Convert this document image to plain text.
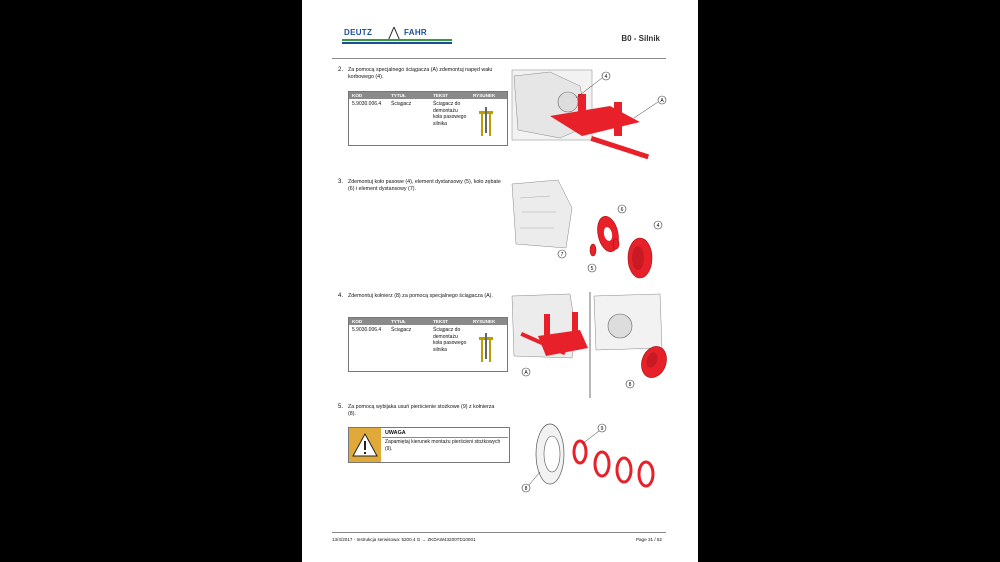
DEUTZ	FAHR
B0 - Silnik
2. Za pomocą specjalnego ściągacza (A) zdemontuj napęd wału korbowego (4).
KOD	TYTUŁ	TEKST	RYSUNEK
5.9030.006.4 Ściągacz	Ściągacz do demontażu koła pasowego silnika
4
A
3. Zdemontuj koło pasowe (4), element dystansowy (5), koło zębate (6) i element dystansowy (7).
6
4
7
5
4. Zdemontuj kołnierz (8) za pomocą specjalnego ściągacza (A).
KOD	TYTUŁ	TEKST	RYSUNEK
5.9030.006.4 Ściągacz	Ściągacz do demontażu koła pasowego silnika
A
8
5. Za pomocą wybijaka usuń pierścienie stożkowe (9) z kołnierza (8).
UWAGA
Zapamiętaj kierunek montażu pierścieni stożkowych (9).
9
8
13/4/2017 - Instrukcja serwisowa: 5200.4 G → ZKDAW43200TD10001	Page 31 / 52
